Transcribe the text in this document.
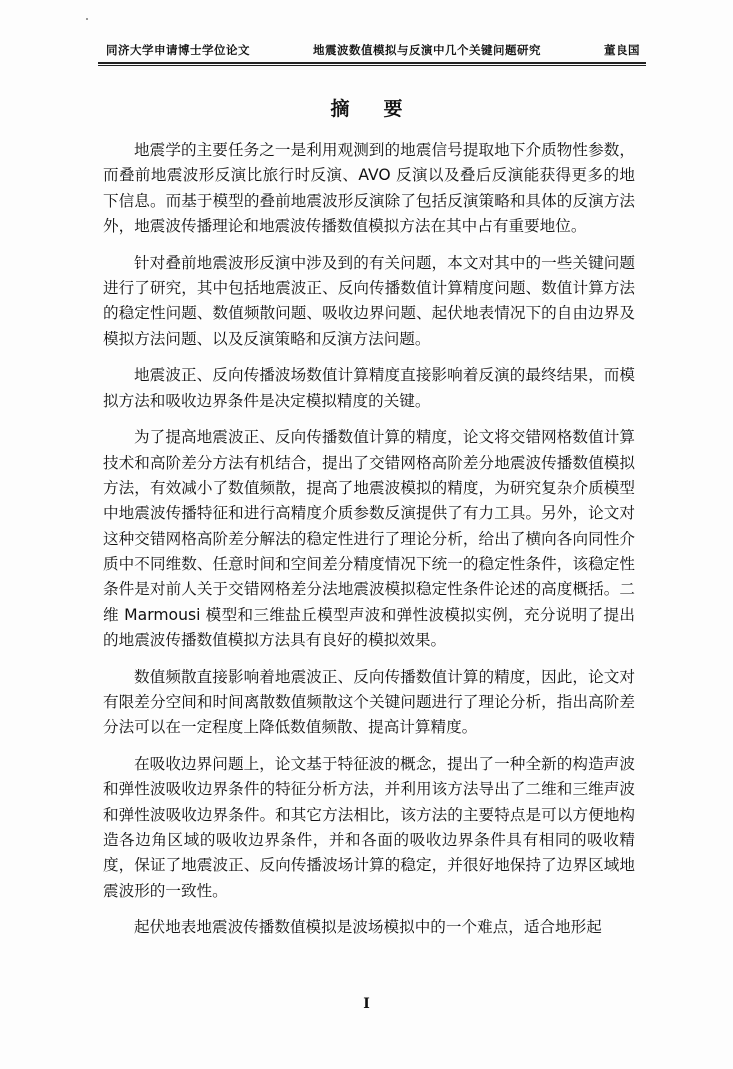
同济大学申请博士学位论文	地震波数值模拟与反演中几个关键问题研究	董良国
摘要

地震学的主要任务之一是利用观测到的地震信号提取地下介质物性参数，而叠前地震波形反演比旅行时反演、AVO 反演以及叠后反演能获得更多的地下信息。而基于模型的叠前地震波形反演除了包括反演策略和具体的反演方法外，地震波传播理论和地震波传播数值模拟方法在其中占有重要地位。

针对叠前地震波形反演中涉及到的有关问题，本文对其中的一些关键问题进行了研究，其中包括地震波正、反向传播数值计算精度问题、数值计算方法的稳定性问题、数值频散问题、吸收边界问题、起伏地表情况下的自由边界及模拟方法问题、以及反演策略和反演方法问题。

地震波正、反向传播波场数值计算精度直接影响着反演的最终结果，而模拟方法和吸收边界条件是决定模拟精度的关键。

为了提高地震波正、反向传播数值计算的精度，论文将交错网格数值计算技术和高阶差分方法有机结合，提出了交错网格高阶差分地震波传播数值模拟方法，有效减小了数值频散，提高了地震波模拟的精度，为研究复杂介质模型中地震波传播特征和进行高精度介质参数反演提供了有力工具。另外，论文对这种交错网格高阶差分解法的稳定性进行了理论分析，给出了横向各向同性介质中不同维数、任意时间和空间差分精度情况下统一的稳定性条件，该稳定性条件是对前人关于交错网格差分法地震波模拟稳定性条件论述的高度概括。二维 Marmousi 模型和三维盐丘模型声波和弹性波模拟实例，充分说明了提出的地震波传播数值模拟方法具有良好的模拟效果。

数值频散直接影响着地震波正、反向传播数值计算的精度，因此，论文对有限差分空间和时间离散数值频散这个关键问题进行了理论分析，指出高阶差分法可以在一定程度上降低数值频散、提高计算精度。

在吸收边界问题上，论文基于特征波的概念，提出了一种全新的构造声波和弹性波吸收边界条件的特征分析方法，并利用该方法导出了二维和三维声波和弹性波吸收边界条件。和其它方法相比，该方法的主要特点是可以方便地构造各边角区域的吸收边界条件，并和各面的吸收边界条件具有相同的吸收精度，保证了地震波正、反向传播波场计算的稳定，并很好地保持了边界区域地震波形的一致性。

起伏地表地震波传播数值模拟是波场模拟中的一个难点，适合地形起

I
